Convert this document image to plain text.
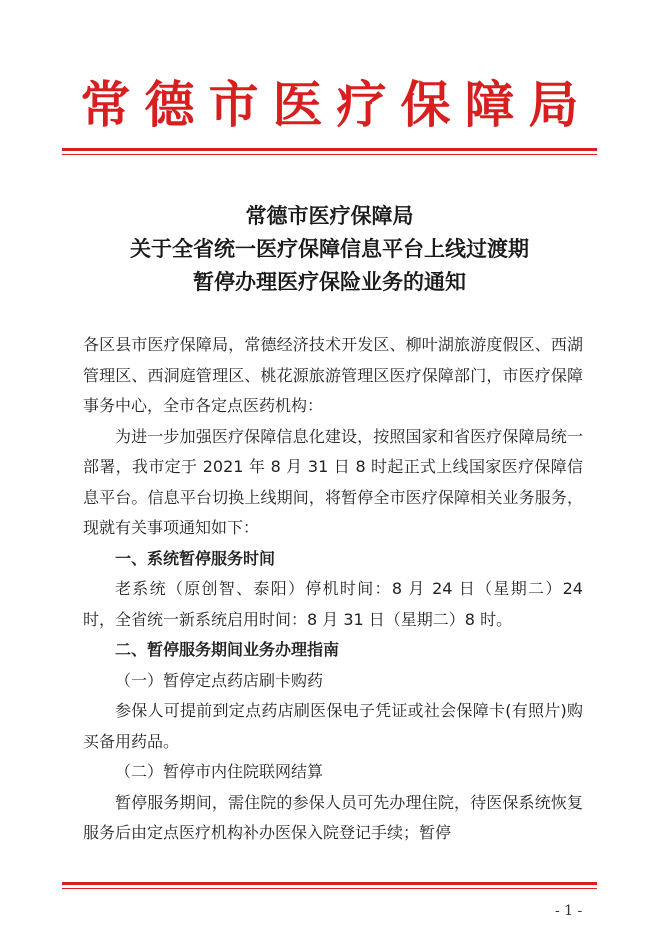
常德市医疗保障局
常德市医疗保障局
关于全省统一医疗保障信息平台上线过渡期
暂停办理医疗保险业务的通知

各区县市医疗保障局，常德经济技术开发区、柳叶湖旅游度假区、西湖管理区、西洞庭管理区、桃花源旅游管理区医疗保障部门，市医疗保障事务中心，全市各定点医药机构：

为进一步加强医疗保障信息化建设，按照国家和省医疗保障局统一部署，我市定于 2021 年 8 月 31 日 8 时起正式上线国家医疗保障信息平台。信息平台切换上线期间，将暂停全市医疗保障相关业务服务，现就有关事项通知如下：

一、系统暂停服务时间

老系统（原创智、泰阳）停机时间：8 月 24 日（星期二）24 时，全省统一新系统启用时间：8 月 31 日（星期二）8 时。

二、暂停服务期间业务办理指南

（一）暂停定点药店刷卡购药

参保人可提前到定点药店刷医保电子凭证或社会保障卡(有照片)购买备用药品。

（二）暂停市内住院联网结算

暂停服务期间，需住院的参保人员可先办理住院，待医保系统恢复服务后由定点医疗机构补办医保入院登记手续；暂停

- 1 -
